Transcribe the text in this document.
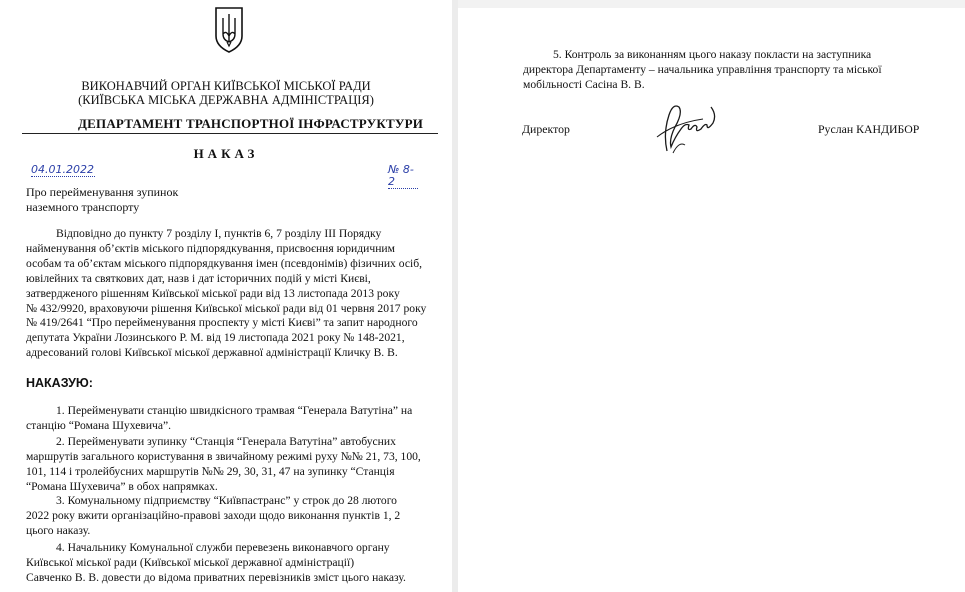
ВИКОНАВЧИЙ ОРГАН КИЇВСЬКОЇ МІСЬКОЇ РАДИ
(КИЇВСЬКА МІСЬКА ДЕРЖАВНА АДМІНІСТРАЦІЯ)
ДЕПАРТАМЕНТ ТРАНСПОРТНОЇ ІНФРАСТРУКТУРИ
НАКАЗ
04.01.2022	№ 8-2
Про перейменування зупинок
наземного транспорту
Відповідно до пункту 7 розділу І, пунктів 6, 7 розділу ІІІ Порядку
найменування об’єктів міського підпорядкування, присвоєння юридичним
особам та об’єктам міського підпорядкування імен (псевдонімів) фізичних осіб,
ювілейних та святкових дат, назв і дат історичних подій у місті Києві,
затвердженого рішенням Київської міської ради від 13 листопада 2013 року
№ 432/9920, враховуючи рішення Київської міської ради від 01 червня 2017 року
№ 419/2641 “Про перейменування проспекту у місті Києві” та запит народного
депутата України Лозинського Р. М. від 19 листопада 2021 року № 148-2021,
адресований голові Київської міської державної адміністрації Кличку В. В.
НАКАЗУЮ:
1. Перейменувати станцію швидкісного трамвая “Генерала Ватутіна” на
станцію “Романа Шухевича”.
2. Перейменувати зупинку “Станція “Генерала Ватутіна” автобусних
маршрутів загального користування в звичайному режимі руху №№ 21, 73, 100,
101, 114 і тролейбусних маршрутів №№ 29, 30, 31, 47 на зупинку “Станція
“Романа Шухевича” в обох напрямках.
3. Комунальному підприємству “Київпастранс” у строк до 28 лютого
2022 року вжити організаційно-правові заходи щодо виконання пунктів 1, 2
цього наказу.
4. Начальнику Комунальної служби перевезень виконавчого органу
Київської міської ради (Київської міської державної адміністрації)
Савченко В. В. довести до відома приватних перевізників зміст цього наказу.
5. Контроль за виконанням цього наказу покласти на заступника
директора Департаменту – начальника управління транспорту та міської
мобільності Сасіна В. В.
Директор	Руслан КАНДИБОР
